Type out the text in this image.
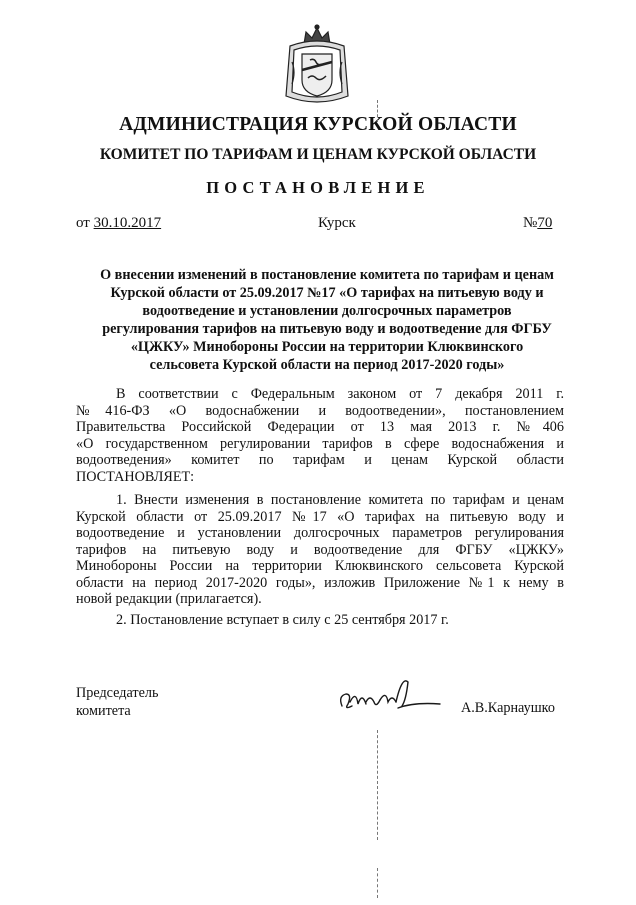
АДМИНИСТРАЦИЯ КУРСКОЙ ОБЛАСТИ
КОМИТЕТ ПО ТАРИФАМ И ЦЕНАМ КУРСКОЙ ОБЛАСТИ
ПОСТАНОВЛЕНИЕ
от 30.10.2017	Курск	№70
О внесении изменений в постановление комитета по тарифам и ценам
Курской области от 25.09.2017 №17 «О тарифах на питьевую воду и
водоотведение и установлении долгосрочных параметров
регулирования тарифов на питьевую воду и водоотведение для ФГБУ
«ЦЖКУ» Минобороны России на территории Клюквинского
сельсовета Курской области на период 2017-2020 годы»
В соответствии с Федеральным законом от 7 декабря 2011 г.
№416-ФЗ «О водоснабжении и водоотведении», постановлением
Правительства Российской Федерации от 13 мая 2013 г. №406
«О государственном регулировании тарифов в сфере водоснабжения и
водоотведения» комитет по тарифам и ценам Курской области
ПОСТАНОВЛЯЕТ:
1. Внести изменения в постановление комитета по тарифам и ценам
Курской области от 25.09.2017 №17 «О тарифах на питьевую воду и
водоотведение и установлении долгосрочных параметров регулирования
тарифов на питьевую воду и водоотведение для ФГБУ «ЦЖКУ»
Минобороны России на территории Клюквинского сельсовета Курской
области на период 2017-2020 годы», изложив Приложение №1 к нему в
новой редакции (прилагается).
2. Постановление вступает в силу с 25 сентября 2017 г.
Председатель
комитета	А.В.Карнаушко
